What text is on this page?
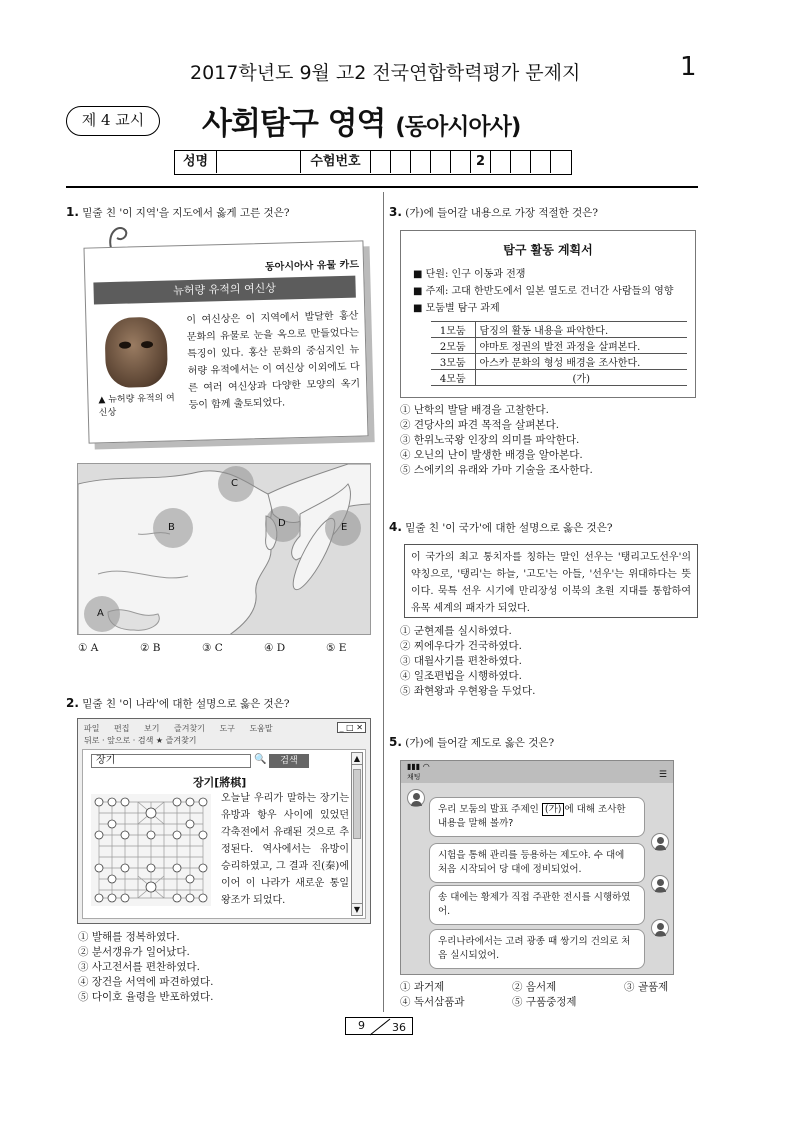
2017학년도 9월 고2 전국연합학력평가 문제지	1
제 4 교시	사회탐구 영역 (동아시아사)
성명	수험번호	2
1. 밑줄 친 '이 지역'을 지도에서 옳게 고른 것은?
동아시아사 유물 카드
뉴허량 유적의 여신상
▲ 뉴허량 유적의 여신상
이 여신상은 이 지역에서 발달한 홍산 문화의 유물로 눈을 옥으로 만들었다는 특징이 있다. 홍산 문화의 중심지인 뉴허량 유적에서는 이 여신상 이외에도 다른 여러 여신상과 다양한 모양의 옥기 등이 함께 출토되었다.
A
B
C
D	E
① A	② B	③ C	④ D	⑤ E
2. 밑줄 친 '이 나라'에 대한 설명으로 옳은 것은?
파일 편집 보기 즐겨찾기 도구 도움말	_ □ ✕
뒤로 · 앞으로 · 검색 ★ 즐겨찾기
장기	🔍	검색
장기[將棋]
오늘날 우리가 말하는 장기는 유방과 항우 사이에 있었던 각축전에서 유래된 것으로 추정된다. 역사에서는 유방이 승리하였고, 그 결과 진(秦)에 이어 이 나라가 새로운 통일 왕조가 되었다.
▲
▼
① 발해를 정복하였다.
② 분서갱유가 일어났다.
③ 사고전서를 편찬하였다.
④ 장건을 서역에 파견하였다.
⑤ 다이호 율령을 반포하였다.
3. (가)에 들어갈 내용으로 가장 적절한 것은?
탐구 활동 계획서
■ 단원: 인구 이동과 전쟁
■ 주제: 고대 한반도에서 일본 열도로 건너간 사람들의 영향
■ 모둠별 탐구 과제
1모둠	담징의 활동 내용을 파악한다.
2모둠	야마토 정권의 발전 과정을 살펴본다.
3모둠	아스카 문화의 형성 배경을 조사한다.
4모둠	(가)
① 난학의 발달 배경을 고찰한다.
② 견당사의 파견 목적을 살펴본다.
③ 한위노국왕 인장의 의미를 파악한다.
④ 오닌의 난이 발생한 배경을 알아본다.
⑤ 스에키의 유래와 가마 기술을 조사한다.
4. 밑줄 친 '이 국가'에 대한 설명으로 옳은 것은?
이 국가의 최고 통치자를 칭하는 말인 선우는 '탱리고도선우'의 약칭으로, '탱리'는 하늘, '고도'는 아들, '선우'는 위대하다는 뜻이다. 묵특 선우 시기에 만리장성 이북의 초원 지대를 통합하여 유목 세계의 패자가 되었다.
① 군현제를 실시하였다.
② 찌에우다가 건국하였다.
③ 대월사기를 편찬하였다.
④ 일조편법을 시행하였다.
⑤ 좌현왕과 우현왕을 두었다.
5. (가)에 들어갈 제도로 옳은 것은?
▮▮▮ ◠
채팅	☰
우리 모둠의 발표 주제인 (가) 에 대해 조사한 내용을 말해 볼까?
시험을 통해 관리를 등용하는 제도야. 수 대에 처음 시작되어 당 대에 정비되었어.
송 대에는 황제가 직접 주관한 전시를 시행하였어.
우리나라에서는 고려 광종 때 쌍기의 건의로 처음 실시되었어.
① 과거제	② 음서제	③ 골품제
④ 독서삼품과	⑤ 구품중정제
9 36
